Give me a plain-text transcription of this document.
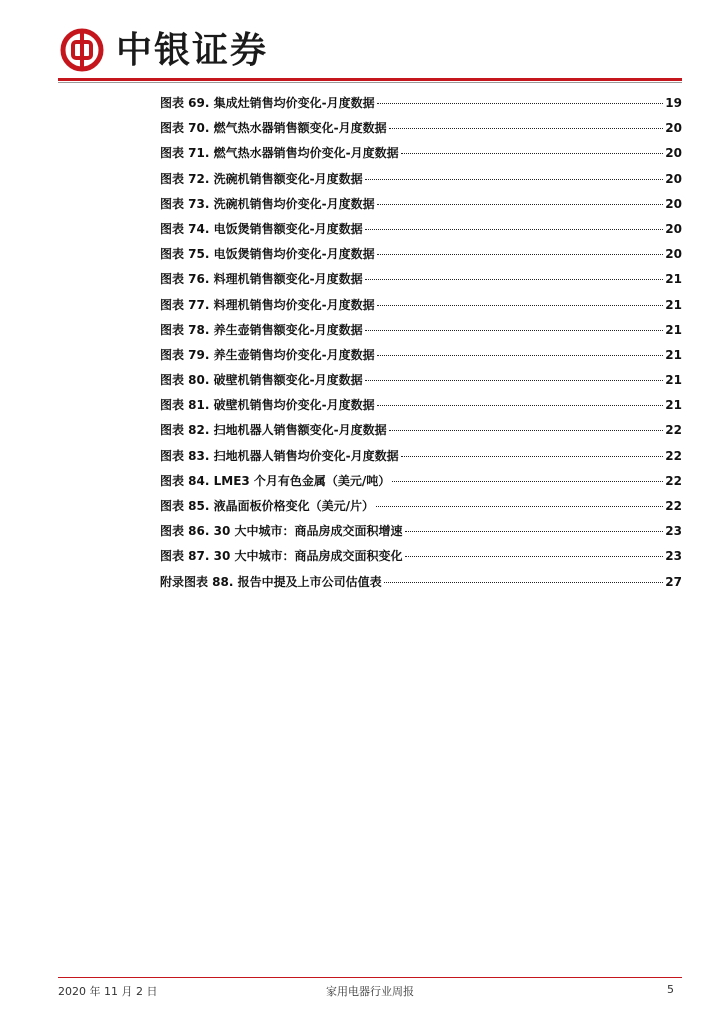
中银证券
图表 69. 集成灶销售均价变化-月度数据	19
图表 70. 燃气热水器销售额变化-月度数据	20
图表 71. 燃气热水器销售均价变化-月度数据	20
图表 72. 洗碗机销售额变化-月度数据	20
图表 73. 洗碗机销售均价变化-月度数据	20
图表 74. 电饭煲销售额变化-月度数据	20
图表 75. 电饭煲销售均价变化-月度数据	20
图表 76. 料理机销售额变化-月度数据	21
图表 77. 料理机销售均价变化-月度数据	21
图表 78. 养生壶销售额变化-月度数据	21
图表 79. 养生壶销售均价变化-月度数据	21
图表 80. 破壁机销售额变化-月度数据	21
图表 81. 破壁机销售均价变化-月度数据	21
图表 82. 扫地机器人销售额变化-月度数据	22
图表 83. 扫地机器人销售均价变化-月度数据	22
图表 84. LME3 个月有色金属（美元/吨）	22
图表 85. 液晶面板价格变化（美元/片）	22
图表 86. 30 大中城市：商品房成交面积增速	23
图表 87. 30 大中城市：商品房成交面积变化	23
附录图表 88. 报告中提及上市公司估值表	27
2020 年 11 月 2 日	家用电器行业周报	5
